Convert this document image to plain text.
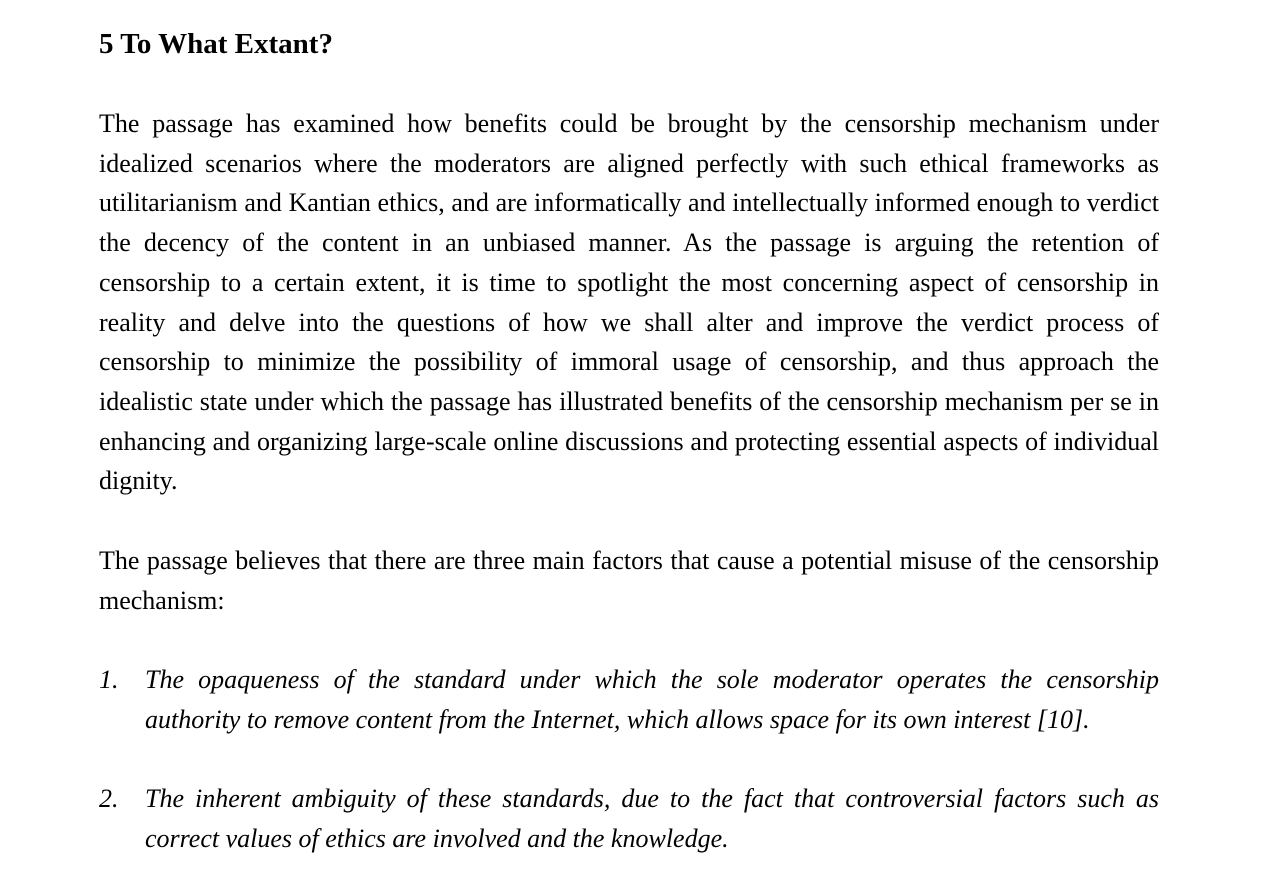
5 To What Extant?

The passage has examined how benefits could be brought by the censorship mechanism under idealized scenarios where the moderators are aligned perfectly with such ethical frameworks as utilitarianism and Kantian ethics, and are informatically and intellectually informed enough to verdict the decency of the content in an unbiased manner. As the passage is arguing the retention of censorship to a certain extent, it is time to spotlight the most concerning aspect of censorship in reality and delve into the questions of how we shall alter and improve the verdict process of censorship to minimize the possibility of immoral usage of censorship, and thus approach the idealistic state under which the passage has illustrated benefits of the censorship mechanism per se in enhancing and organizing large-scale online discussions and protecting essential aspects of individual dignity.

The passage believes that there are three main factors that cause a potential misuse of the censorship mechanism:

1. The opaqueness of the standard under which the sole moderator operates the censorship authority to remove content from the Internet, which allows space for its own interest [10].

2. The inherent ambiguity of these standards, due to the fact that controversial factors such as correct values of ethics are involved and the knowledge.
